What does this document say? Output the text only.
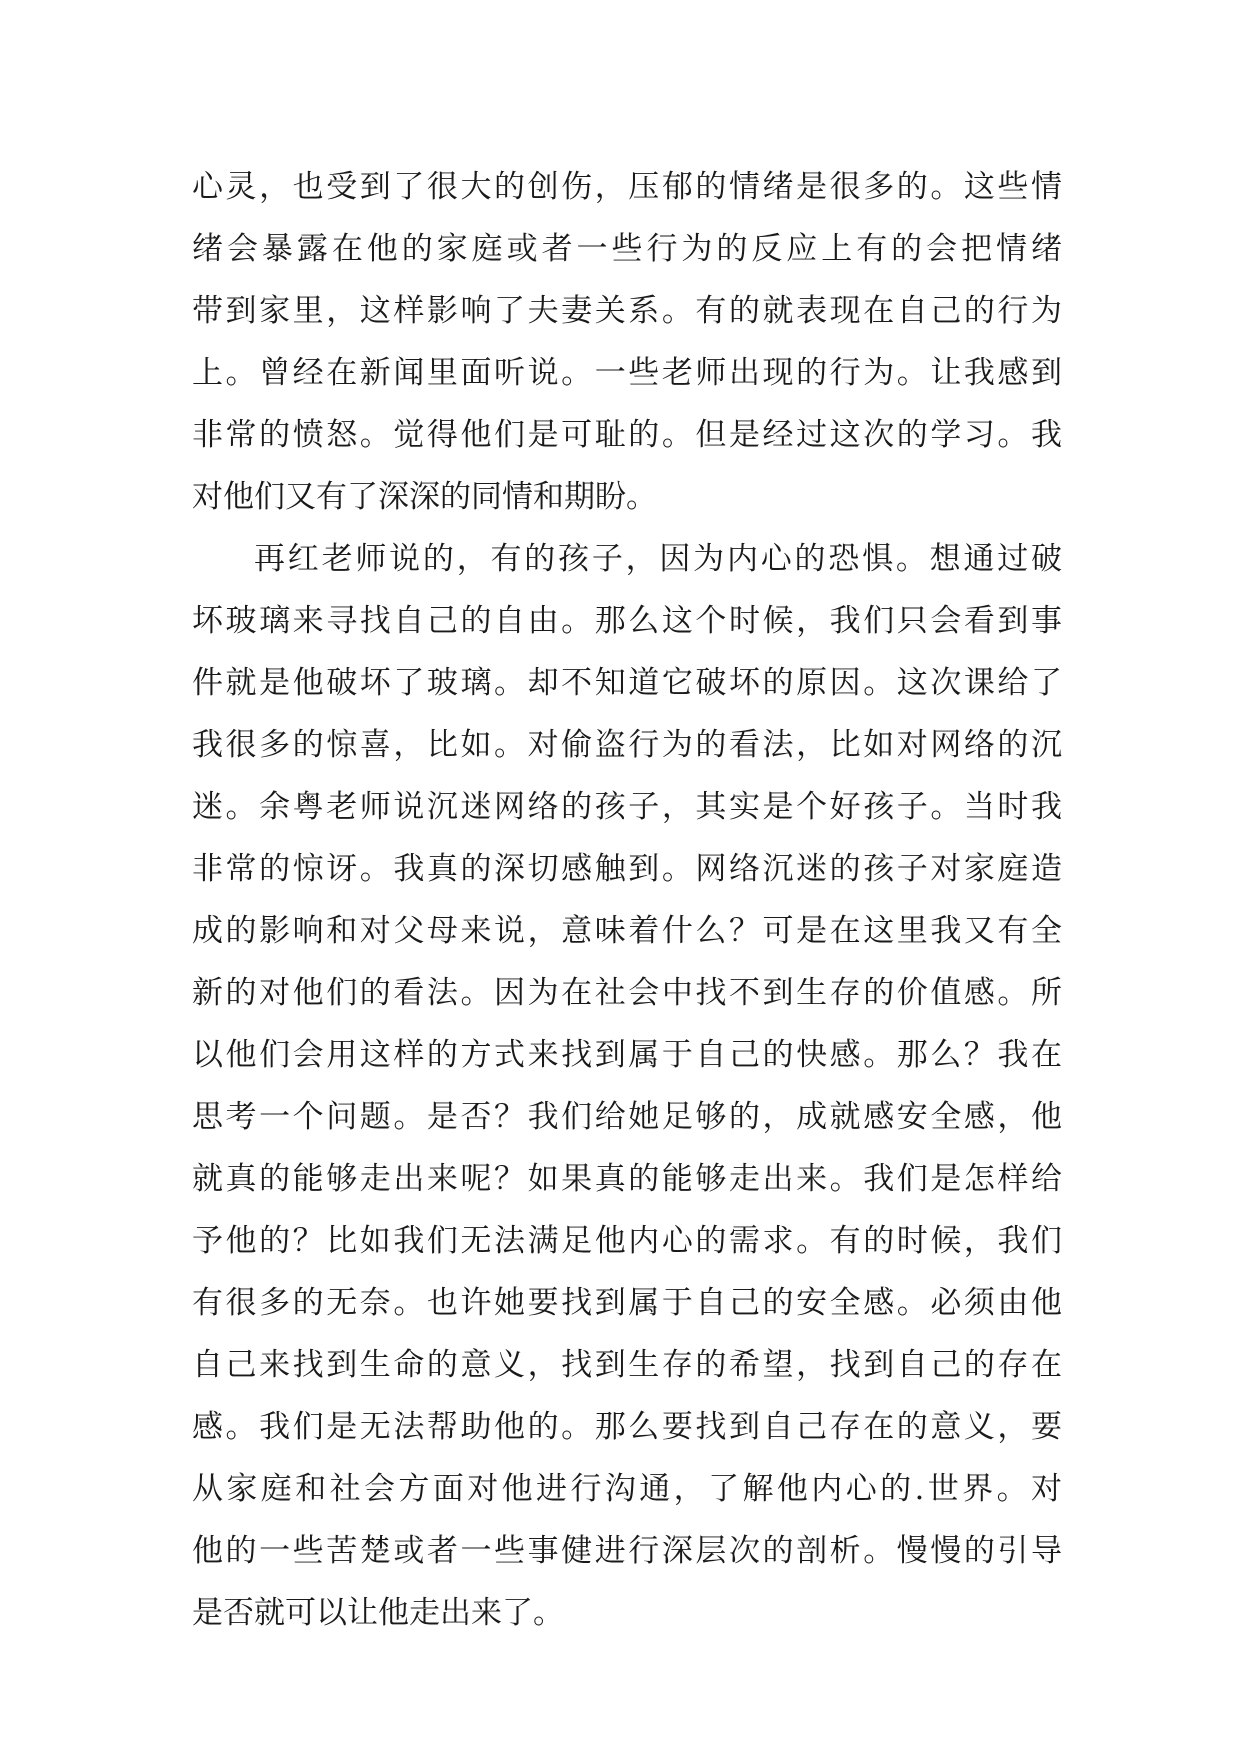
心灵，也受到了很大的创伤，压郁的情绪是很多的。这些情
绪会暴露在他的家庭或者一些行为的反应上有的会把情绪
带到家里，这样影响了夫妻关系。有的就表现在自己的行为
上。曾经在新闻里面听说。一些老师出现的行为。让我感到
非常的愤怒。觉得他们是可耻的。但是经过这次的学习。我
对他们又有了深深的同情和期盼。
再红老师说的，有的孩子，因为内心的恐惧。想通过破
坏玻璃来寻找自己的自由。那么这个时候，我们只会看到事
件就是他破坏了玻璃。却不知道它破坏的原因。这次课给了
我很多的惊喜，比如。对偷盗行为的看法，比如对网络的沉
迷。余粤老师说沉迷网络的孩子，其实是个好孩子。当时我
非常的惊讶。我真的深切感触到。网络沉迷的孩子对家庭造
成的影响和对父母来说，意味着什么？可是在这里我又有全
新的对他们的看法。因为在社会中找不到生存的价值感。所
以他们会用这样的方式来找到属于自己的快感。那么？我在
思考一个问题。是否？我们给她足够的，成就感安全感，他
就真的能够走出来呢？如果真的能够走出来。我们是怎样给
予他的？比如我们无法满足他内心的需求。有的时候，我们
有很多的无奈。也许她要找到属于自己的安全感。必须由他
自己来找到生命的意义，找到生存的希望，找到自己的存在
感。我们是无法帮助他的。那么要找到自己存在的意义，要
从家庭和社会方面对他进行沟通，了解他内心的.世界。对
他的一些苦楚或者一些事健进行深层次的剖析。慢慢的引导
是否就可以让他走出来了。
